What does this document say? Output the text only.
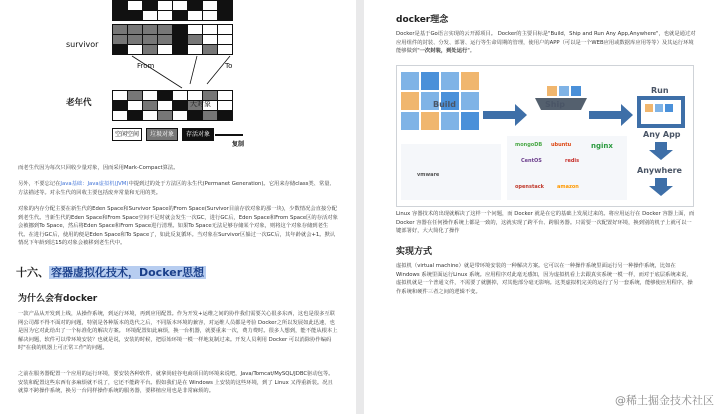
survivor
From	To

老年代	大对象
空闲空间	垃圾对象	存活对象
复制

而老生代因为每次只回收少量对象，因而采用Mark-Compact算法。

另外，不要忘记在Java基础：Java虚拟机(JVM)中提到过的处于方法区的永生代(Permanet Generation)。它用来存储class类、常量、方法描述等。对永生代的回收主要包括废弃常量和无用的类。

对象的内存分配主要在新生代的Eden Space和Survivor Space的From Space(Survivor目前存放对象的那一块)，少数情况会直接分配到老生代。当新生代的Eden Space和From Space空间不足时就会发生一次GC，进行GC后，Eden Space和From Space区的存活对象会被挪到To Space，然后将Eden Space和From Space进行清理。如果To Space无法足够存储某个对象，则将这个对象存储到老生代。在进行GC后，使用的便是Eden Space和To Space了，如此反复循环。当对象在Survivor区躲过一次GC后，其年龄就会+1。默认情况下年龄到达15的对象会被移到老生代中。

十六、 容器虚拟化技术，Docker思想
为什么会有docker

一款产品从开发到上线，从操作系统，到运行环境，再到应用配置。作为开发+运维之间的协作我们需要关心很多东西，这也是很多互联网公司都不得不面对的问题，特别是各种版本的迭代之后，不同版本环境的兼容，对运维人员都是考验 Docker之所以发展如此迅速，也是因为它对此给出了一个标准化的解决方案。 环境配置如此麻烦，换一台机器，就要重来一次，费力费时。很多人想到，能不能从根本上解决问题，软件可以带环境安装？也就是说，安装的时候，把原始环境一模一样地复制过来。开发人员利用 Docker 可以消除协作编码时"在我的机器上可正常工作"的问题。

之前在服务器配置一个应用的运行环境，要安装各种软件，就拿尚硅谷电商项目的环境来说吧，Java/Tomcat/MySQL/JDBC驱动包等。安装和配置这些东西有多麻烦就不说了，它还不能跨平台。假如我们是在 Windows 上安装的这些环境，到了 Linux 又得重新装。况且就算不跨操作系统，换另一台同样操作系统的服务器，要移植应用也是非常麻烦的。

docker理念

Docker是基于Go语言实现的云开源项目。 Docker的主要目标是"Build，Ship and Run Any App,Anywhere"，也就是通过对应用组件的封装、分发、部署、运行等生命周期的管理，使用户的APP（可以是一个WEB应用或数据库应用等等）及其运行环境能够做到"一次封装，到处运行"。

Build	Ship
Run
Any App
Anywhere
mongoDB ubuntu	nginx
CentOS	redis
vmware
openstack	amazon

Linux 容器技术的出现就解决了这样一个问题，而 Docker 就是在它的基础上发展过来的。将应用运行在 Docker 容器上面，而 Docker 容器在任何操作系统上都是一致的，这就实现了跨平台、跨服务器。只需要一次配置好环境，换到别的机子上就可以一键部署好，大大简化了操作

实现方式

虚拟机（virtual machine）就是带环境安装的一种解决方案。它可以在一种操作系统里面运行另一种操作系统，比如在 Windows 系统里面运行Linux 系统。应用程序对此毫无感知，因为虚拟机看上去跟真实系统一模一样，而对于底层系统来说，虚拟机就是一个普通文件，不需要了就删掉，对其他部分毫无影响。这类虚拟机完美的运行了另一套系统，能够使应用程序，操作系统和硬件三者之间的逻辑不变。

@稀土掘金技术社区
